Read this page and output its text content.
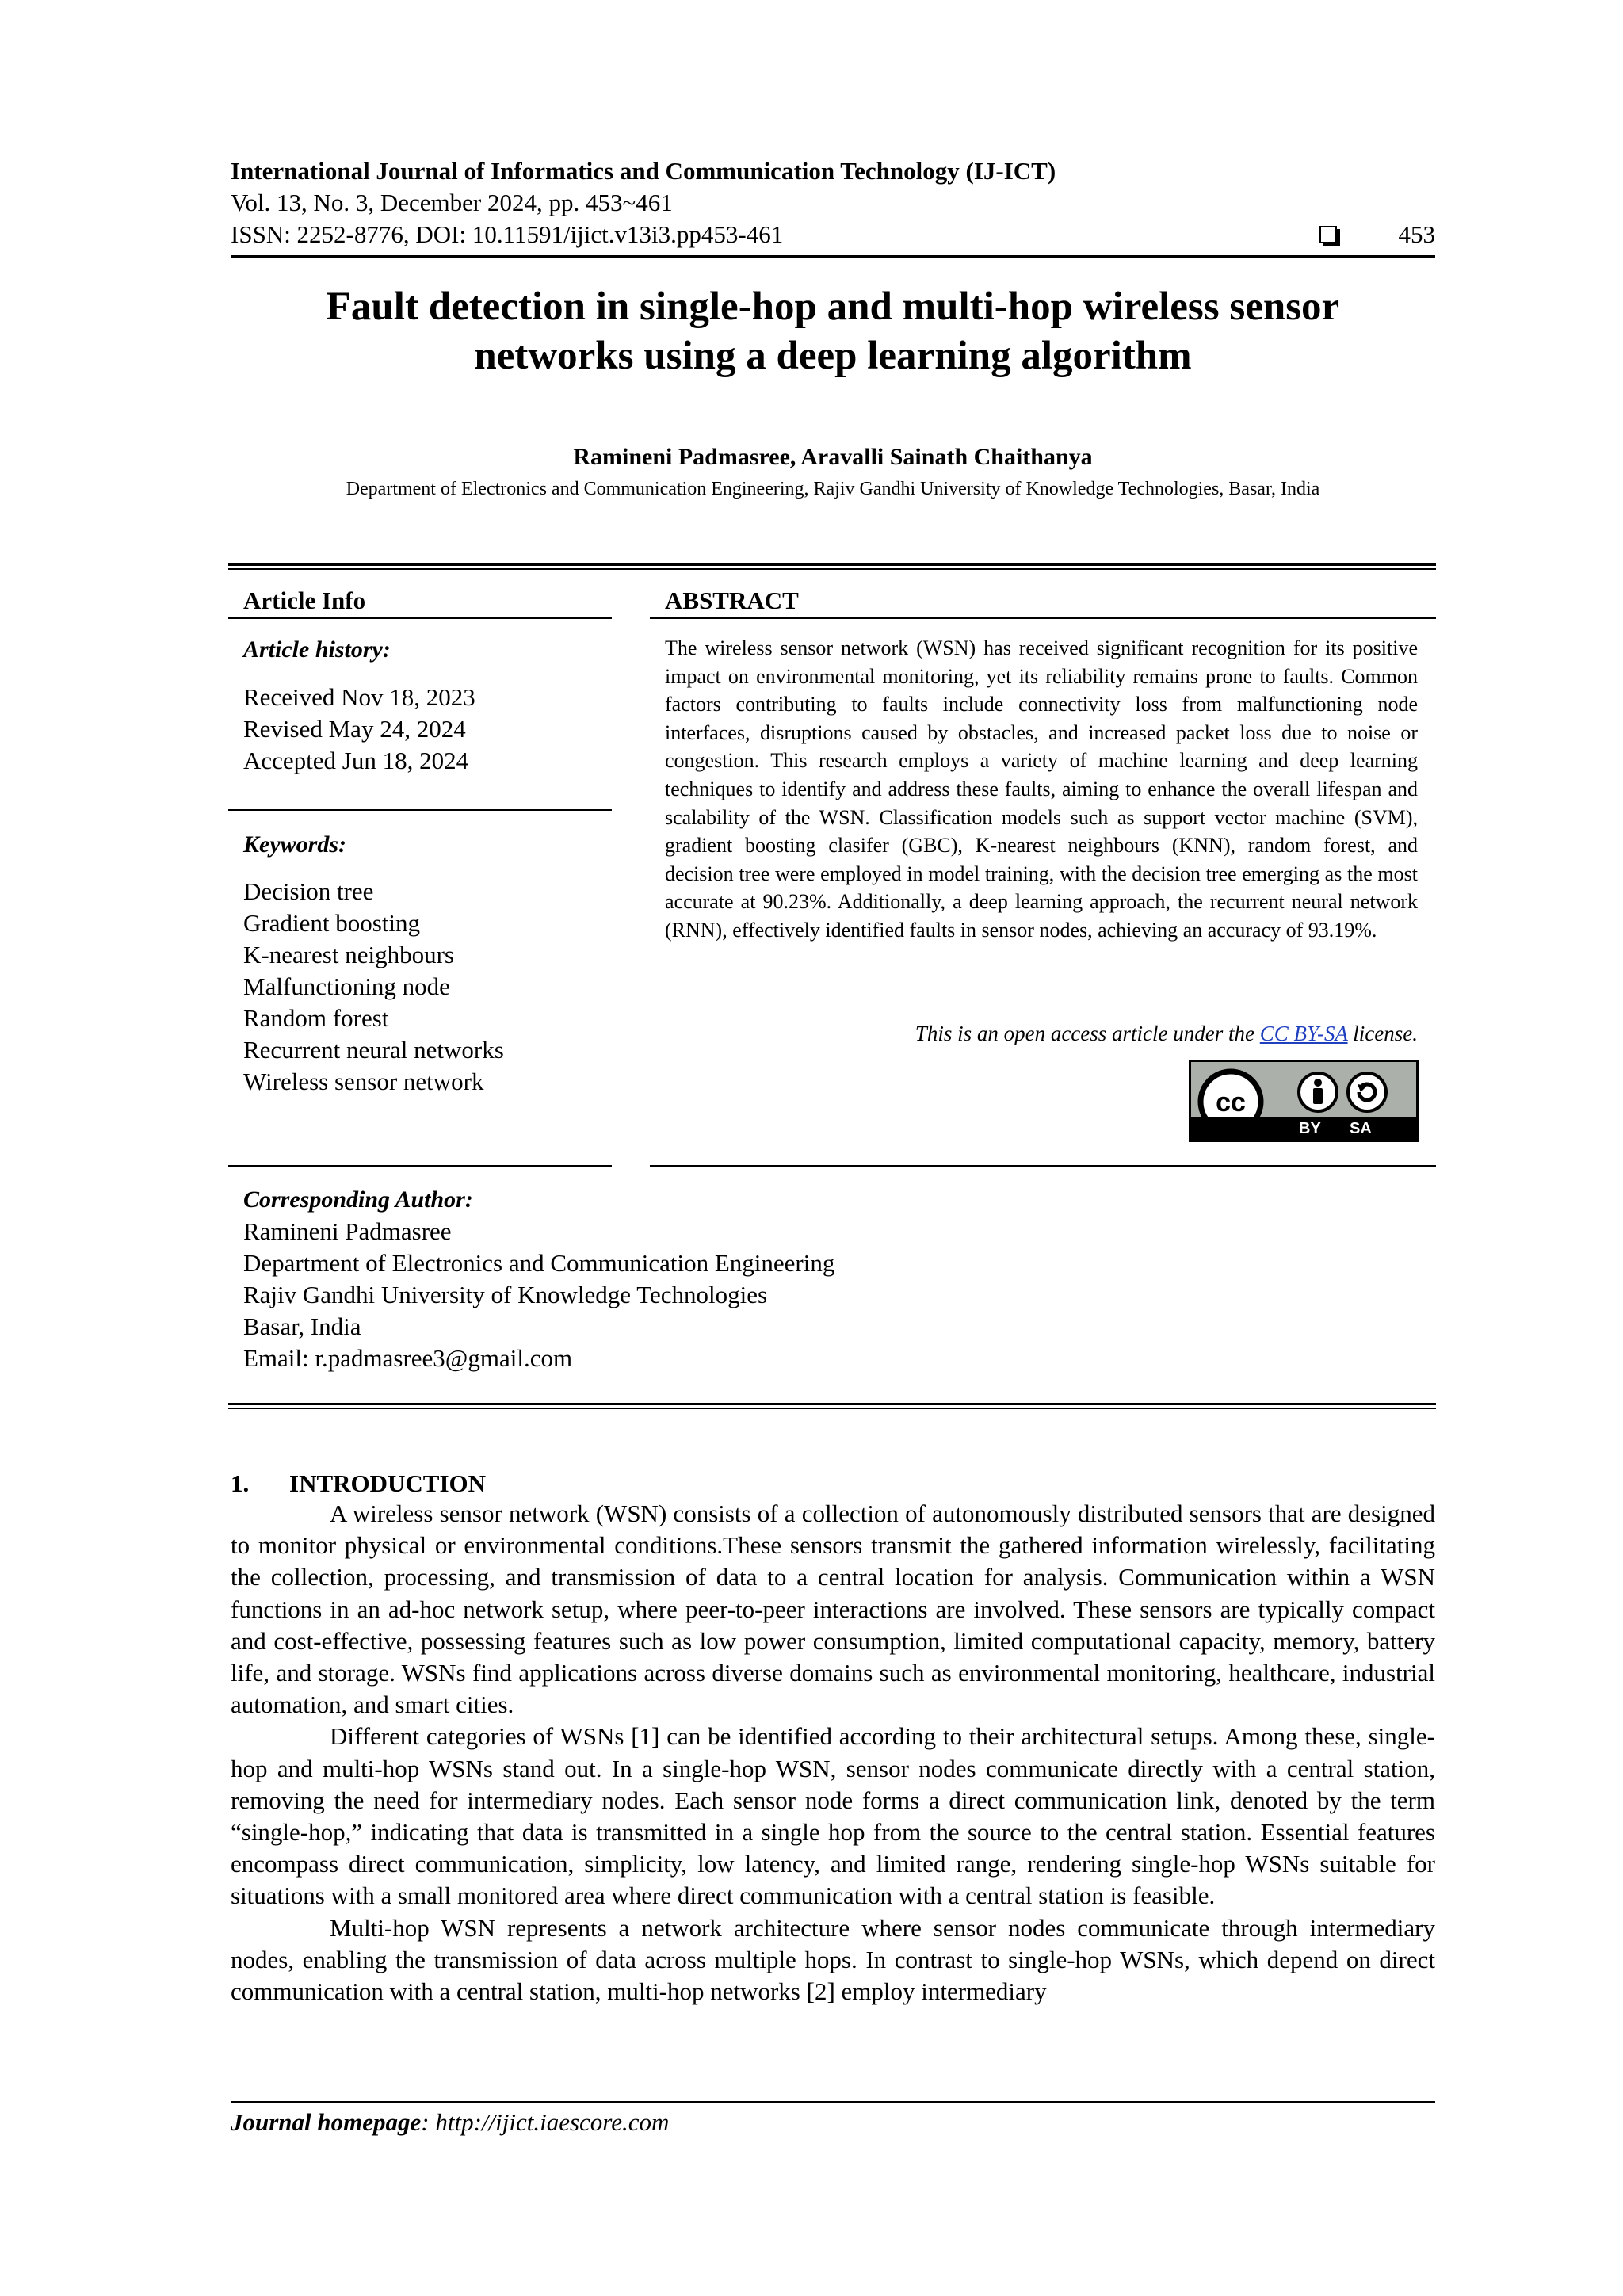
International Journal of Informatics and Communication Technology (IJ-ICT)
Vol. 13, No. 3, December 2024, pp. 453~461
ISSN: 2252-8776, DOI: 10.11591/ijict.v13i3.pp453-461	453
Fault detection in single-hop and multi-hop wireless sensor
networks using a deep learning algorithm
Ramineni Padmasree, Aravalli Sainath Chaithanya
Department of Electronics and Communication Engineering, Rajiv Gandhi University of Knowledge Technologies, Basar, India
Article Info
Article history:
Received Nov 18, 2023
Revised May 24, 2024
Accepted Jun 18, 2024
Keywords:
Decision tree
Gradient boosting
K-nearest neighbours
Malfunctioning node
Random forest
Recurrent neural networks
Wireless sensor network
ABSTRACT
The wireless sensor network (WSN) has received significant recognition for its positive impact on environmental monitoring, yet its reliability remains prone to faults. Common factors contributing to faults include connectivity loss from malfunctioning node interfaces, disruptions caused by obstacles, and increased packet loss due to noise or congestion. This research employs a variety of machine learning and deep learning techniques to identify and address these faults, aiming to enhance the overall lifespan and scalability of the WSN. Classification models such as support vector machine (SVM), gradient boosting clasifer (GBC), K-nearest neighbours (KNN), random forest, and decision tree were employed in model training, with the decision tree emerging as the most accurate at 90.23%. Additionally, a deep learning approach, the recurrent neural network (RNN), effectively identified faults in sensor nodes, achieving an accuracy of 93.19%.
This is an open access article under the CC BY-SA license.
cc
BY SA
Corresponding Author:
Ramineni Padmasree
Department of Electronics and Communication Engineering
Rajiv Gandhi University of Knowledge Technologies
Basar, India
Email: r.padmasree3@gmail.com
1. INTRODUCTION

A wireless sensor network (WSN) consists of a collection of autonomously distributed sensors that are designed to monitor physical or environmental conditions.These sensors transmit the gathered information wirelessly, facilitating the collection, processing, and transmission of data to a central location for analysis. Communication within a WSN functions in an ad-hoc network setup, where peer-to-peer interactions are involved. These sensors are typically compact and cost-effective, possessing features such as low power consumption, limited computational capacity, memory, battery life, and storage. WSNs find applications across diverse domains such as environmental monitoring, healthcare, industrial automation, and smart cities.

Different categories of WSNs [1] can be identified according to their architectural setups. Among these, single-hop and multi-hop WSNs stand out. In a single-hop WSN, sensor nodes communicate directly with a central station, removing the need for intermediary nodes. Each sensor node forms a direct communication link, denoted by the term “single-hop,” indicating that data is transmitted in a single hop from the source to the central station. Essential features encompass direct communication, simplicity, low latency, and limited range, rendering single-hop WSNs suitable for situations with a small monitored area where direct communication with a central station is feasible.

Multi-hop WSN represents a network architecture where sensor nodes communicate through intermediary nodes, enabling the transmission of data across multiple hops. In contrast to single-hop WSNs, which depend on direct communication with a central station, multi-hop networks [2] employ intermediary

Journal homepage: http://ijict.iaescore.com
